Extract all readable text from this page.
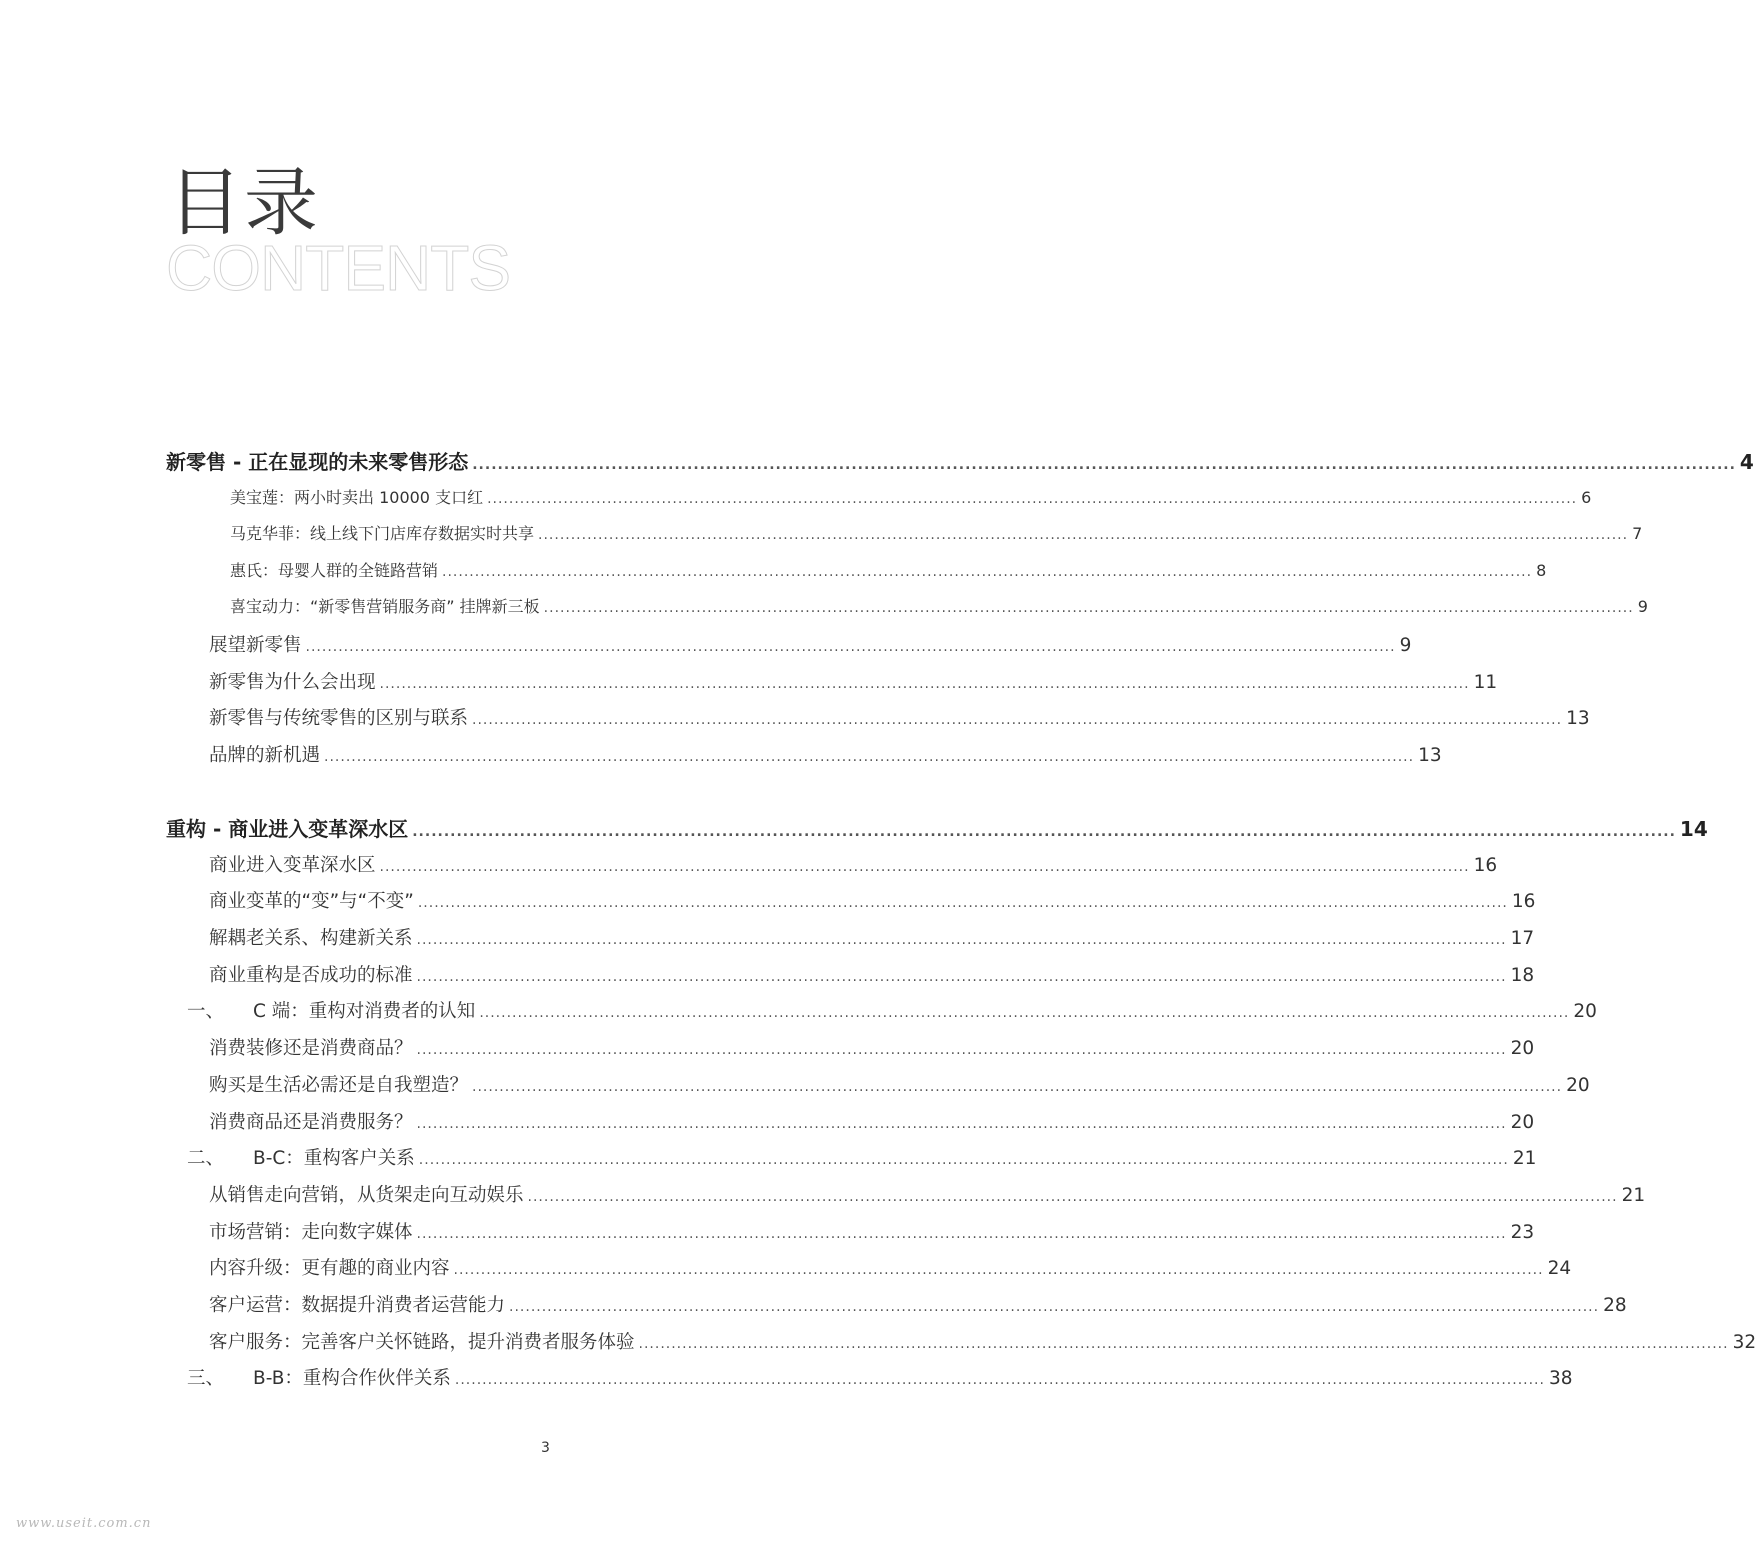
目录
CONTENTS
新零售 - 正在显现的未来零售形态 ........................................................................................................................................................................................................ 4
美宝莲：两小时卖出 10000 支口红 ........................................................................................................................................................................................................ 6
马克华菲：线上线下门店库存数据实时共享 ........................................................................................................................................................................................................ 7
惠氏：母婴人群的全链路营销 ........................................................................................................................................................................................................ 8
喜宝动力：“新零售营销服务商” 挂牌新三板 ........................................................................................................................................................................................................ 9
展望新零售 ........................................................................................................................................................................................................ 9
新零售为什么会出现 ........................................................................................................................................................................................................ 11
新零售与传统零售的区别与联系 ........................................................................................................................................................................................................ 13
品牌的新机遇 ........................................................................................................................................................................................................ 13
重构 - 商业进入变革深水区 ........................................................................................................................................................................................................ 14
商业进入变革深水区 ........................................................................................................................................................................................................ 16
商业变革的“变”与“不变” ........................................................................................................................................................................................................ 16
解耦老关系、构建新关系 ........................................................................................................................................................................................................ 17
商业重构是否成功的标准 ........................................................................................................................................................................................................ 18
一、 C 端：重构对消费者的认知 ........................................................................................................................................................................................................ 20
消费装修还是消费商品？ ........................................................................................................................................................................................................ 20
购买是生活必需还是自我塑造？ ........................................................................................................................................................................................................ 20
消费商品还是消费服务？ ........................................................................................................................................................................................................ 20
二、 B-C：重构客户关系 ........................................................................................................................................................................................................ 21
从销售走向营销，从货架走向互动娱乐 ........................................................................................................................................................................................................ 21
市场营销：走向数字媒体 ........................................................................................................................................................................................................ 23
内容升级：更有趣的商业内容 ........................................................................................................................................................................................................ 24
客户运营：数据提升消费者运营能力 ........................................................................................................................................................................................................ 28
客户服务：完善客户关怀链路，提升消费者服务体验 ........................................................................................................................................................................................................ 32
三、 B-B：重构合作伙伴关系 ........................................................................................................................................................................................................ 38
3
www.useit.com.cn
